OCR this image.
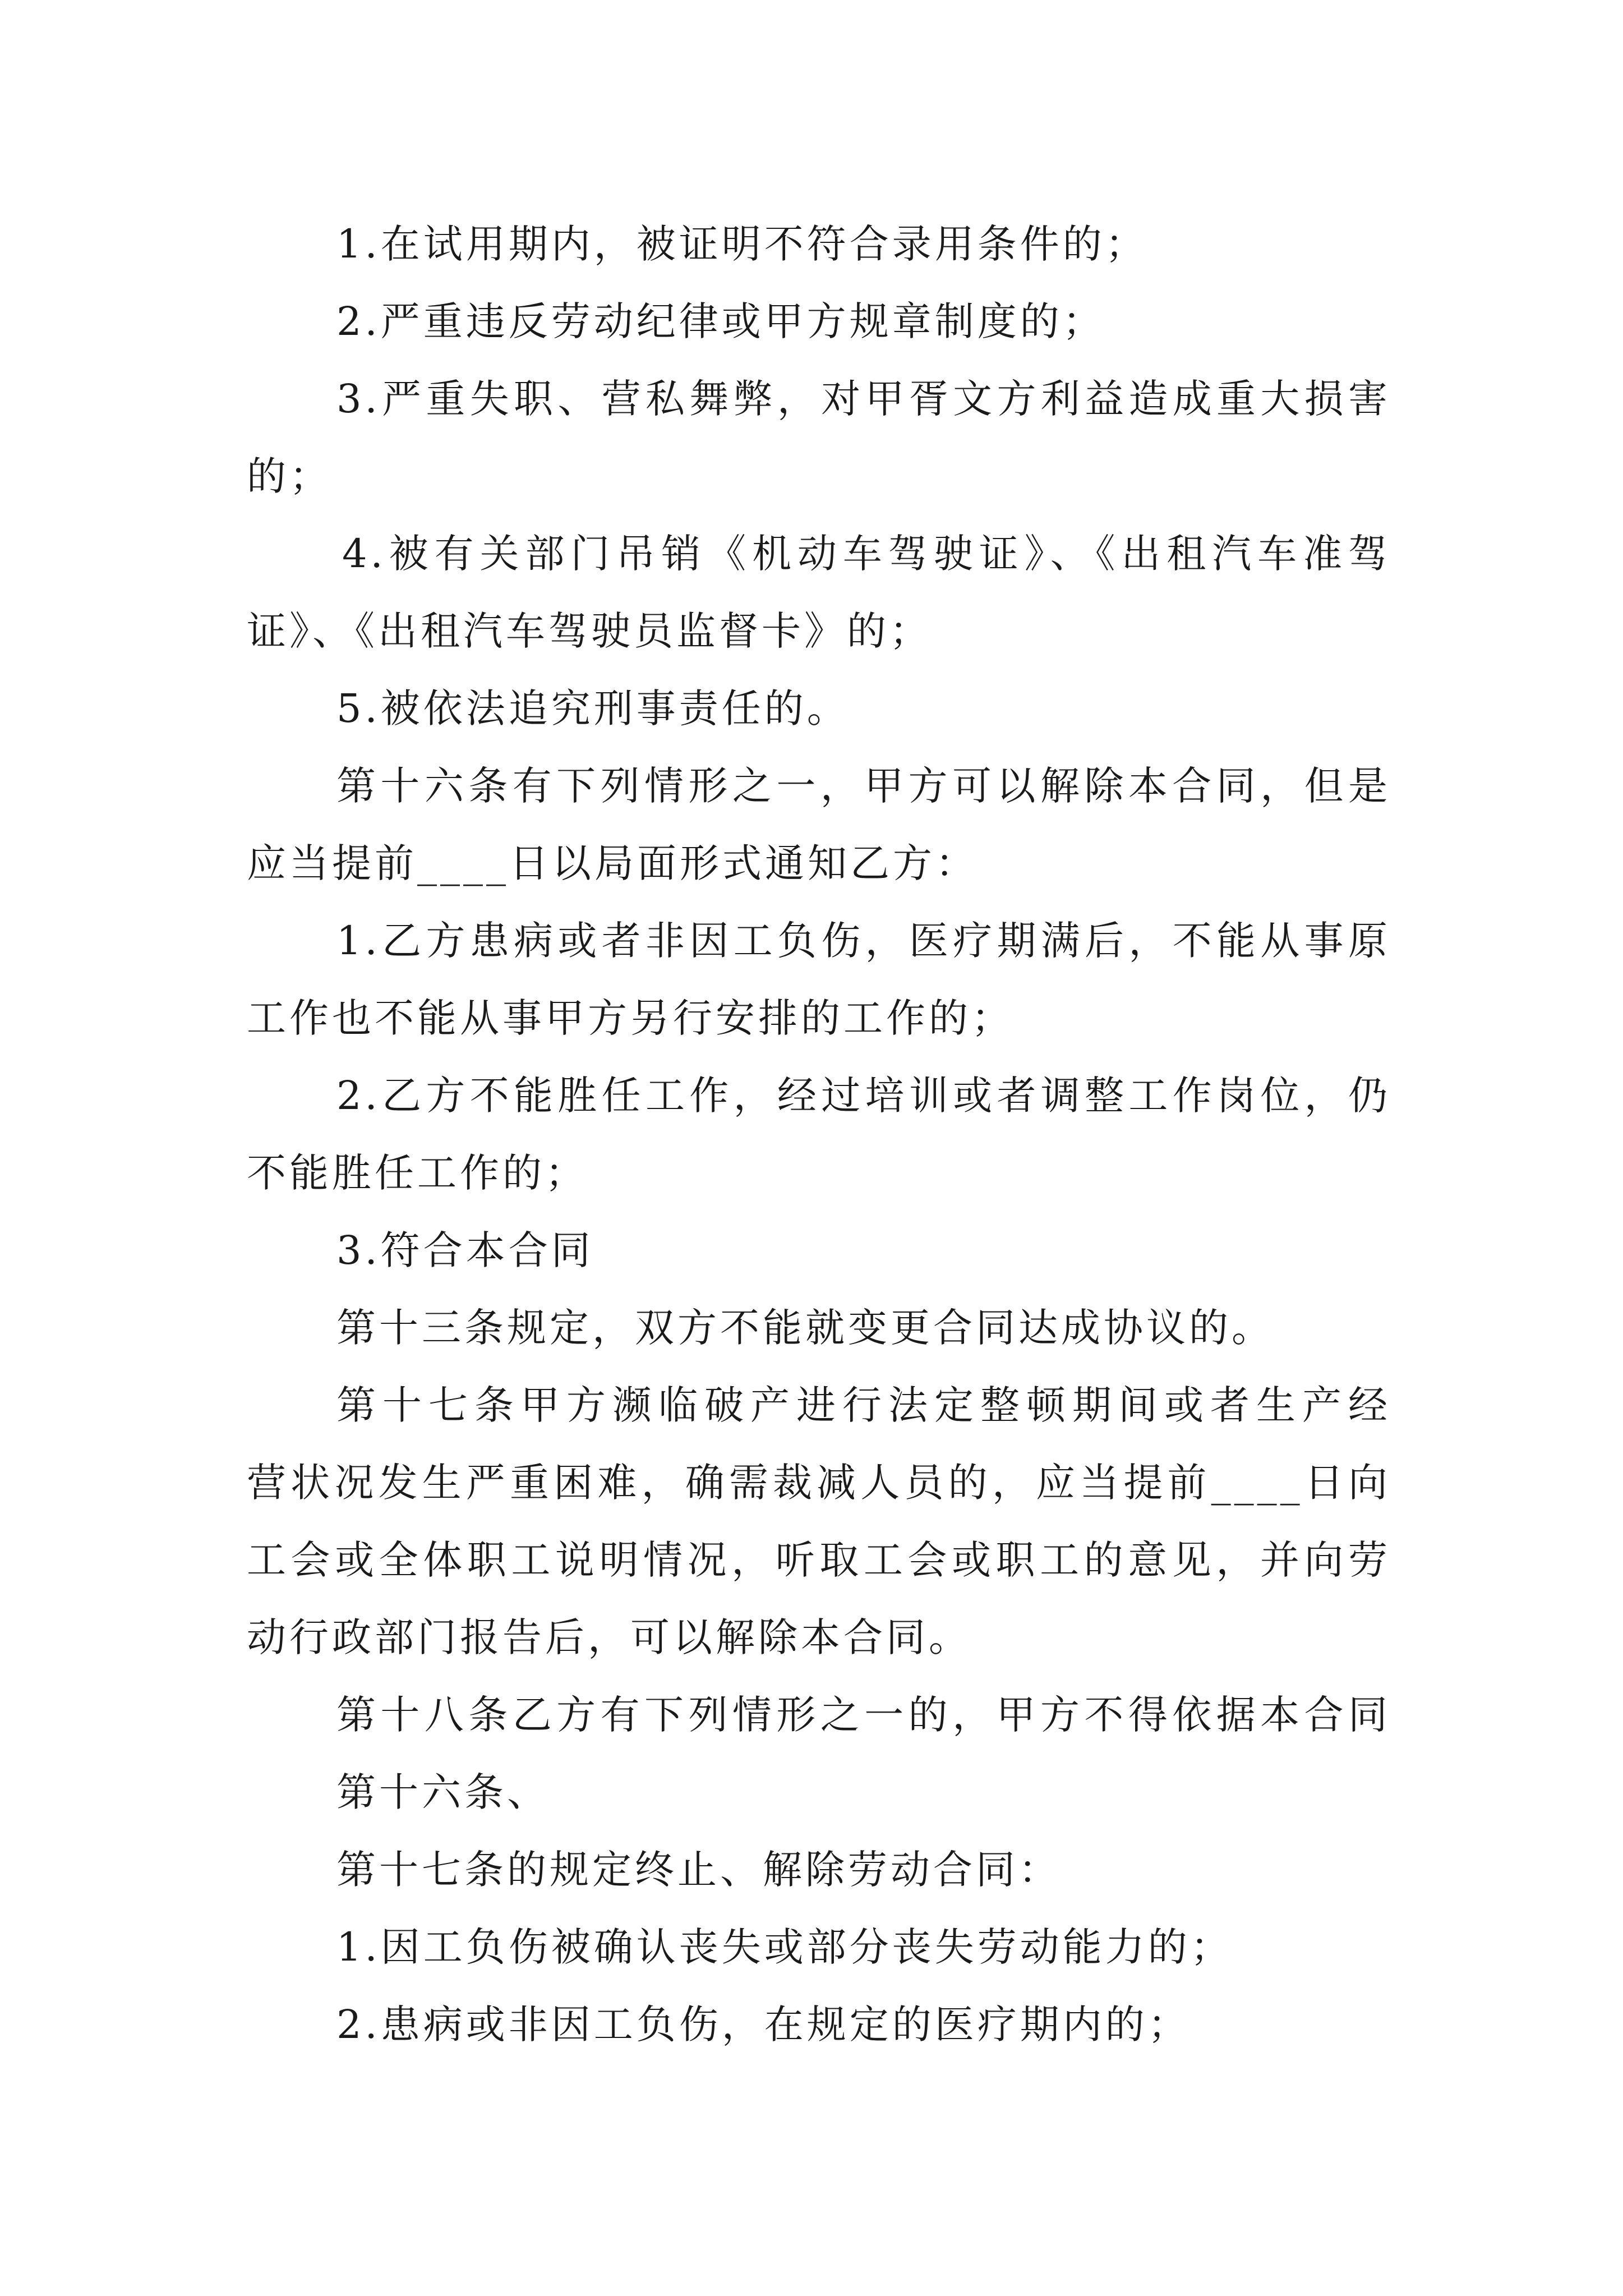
1.在试用期内，被证明不符合录用条件的；
2.严重违反劳动纪律或甲方规章制度的；
3.严重失职、营私舞弊，对甲胥文方利益造成重大损害
的；
4.被有关部门吊销《机动车驾驶证》、《出租汽车准驾
证》、《出租汽车驾驶员监督卡》的；
5.被依法追究刑事责任的。
第十六条有下列情形之一，甲方可以解除本合同，但是
应当提前____日以局面形式通知乙方：
1.乙方患病或者非因工负伤，医疗期满后，不能从事原
工作也不能从事甲方另行安排的工作的；
2.乙方不能胜任工作，经过培训或者调整工作岗位，仍
不能胜任工作的；
3.符合本合同
第十三条规定，双方不能就变更合同达成协议的。
第十七条甲方濒临破产进行法定整顿期间或者生产经
营状况发生严重困难，确需裁减人员的，应当提前____日向
工会或全体职工说明情况，听取工会或职工的意见，并向劳
动行政部门报告后，可以解除本合同。
第十八条乙方有下列情形之一的，甲方不得依据本合同
第十六条、
第十七条的规定终止、解除劳动合同：
1.因工负伤被确认丧失或部分丧失劳动能力的；
2.患病或非因工负伤，在规定的医疗期内的；
